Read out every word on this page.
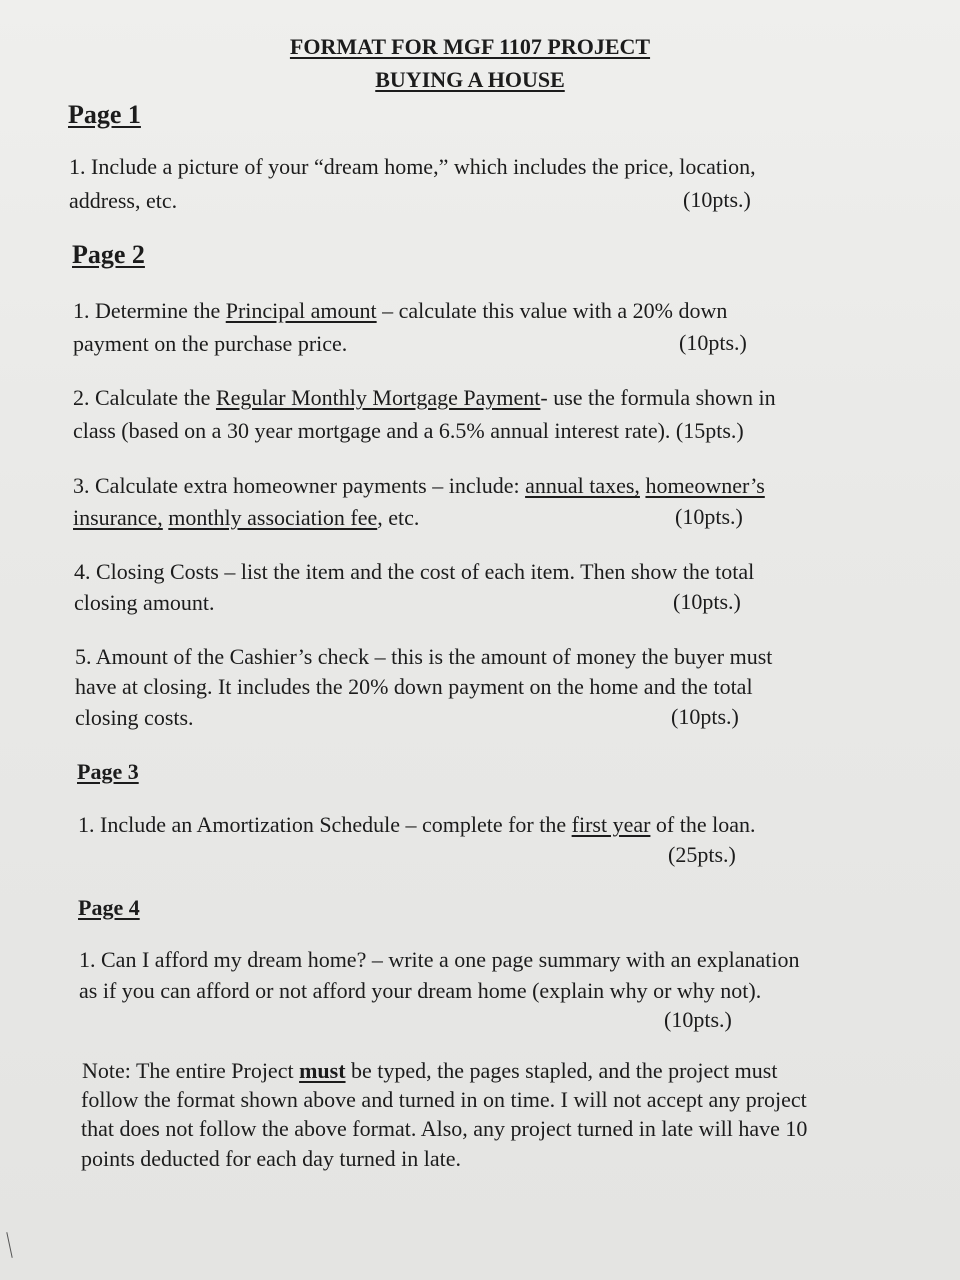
FORMAT FOR MGF 1107 PROJECT
BUYING A HOUSE
Page 1
1. Include a picture of your “dream home,” which includes the price, location,
address, etc.	(10pts.)
Page 2
1. Determine the Principal amount – calculate this value with a 20% down
payment on the purchase price.	(10pts.)
2. Calculate the Regular Monthly Mortgage Payment- use the formula shown in
class (based on a 30 year mortgage and a 6.5% annual interest rate). (15pts.)
3. Calculate extra homeowner payments – include: annual taxes, homeowner’s
insurance, monthly association fee, etc.	(10pts.)
4. Closing Costs – list the item and the cost of each item. Then show the total
closing amount.	(10pts.)
5. Amount of the Cashier’s check – this is the amount of money the buyer must
have at closing. It includes the 20% down payment on the home and the total
closing costs.	(10pts.)
Page 3
1. Include an Amortization Schedule – complete for the first year of the loan.
(25pts.)
Page 4
1. Can I afford my dream home? – write a one page summary with an explanation
as if you can afford or not afford your dream home (explain why or why not).
(10pts.)
Note: The entire Project must be typed, the pages stapled, and the project must
follow the format shown above and turned in on time. I will not accept any project
that does not follow the above format. Also, any project turned in late will have 10
points deducted for each day turned in late.
